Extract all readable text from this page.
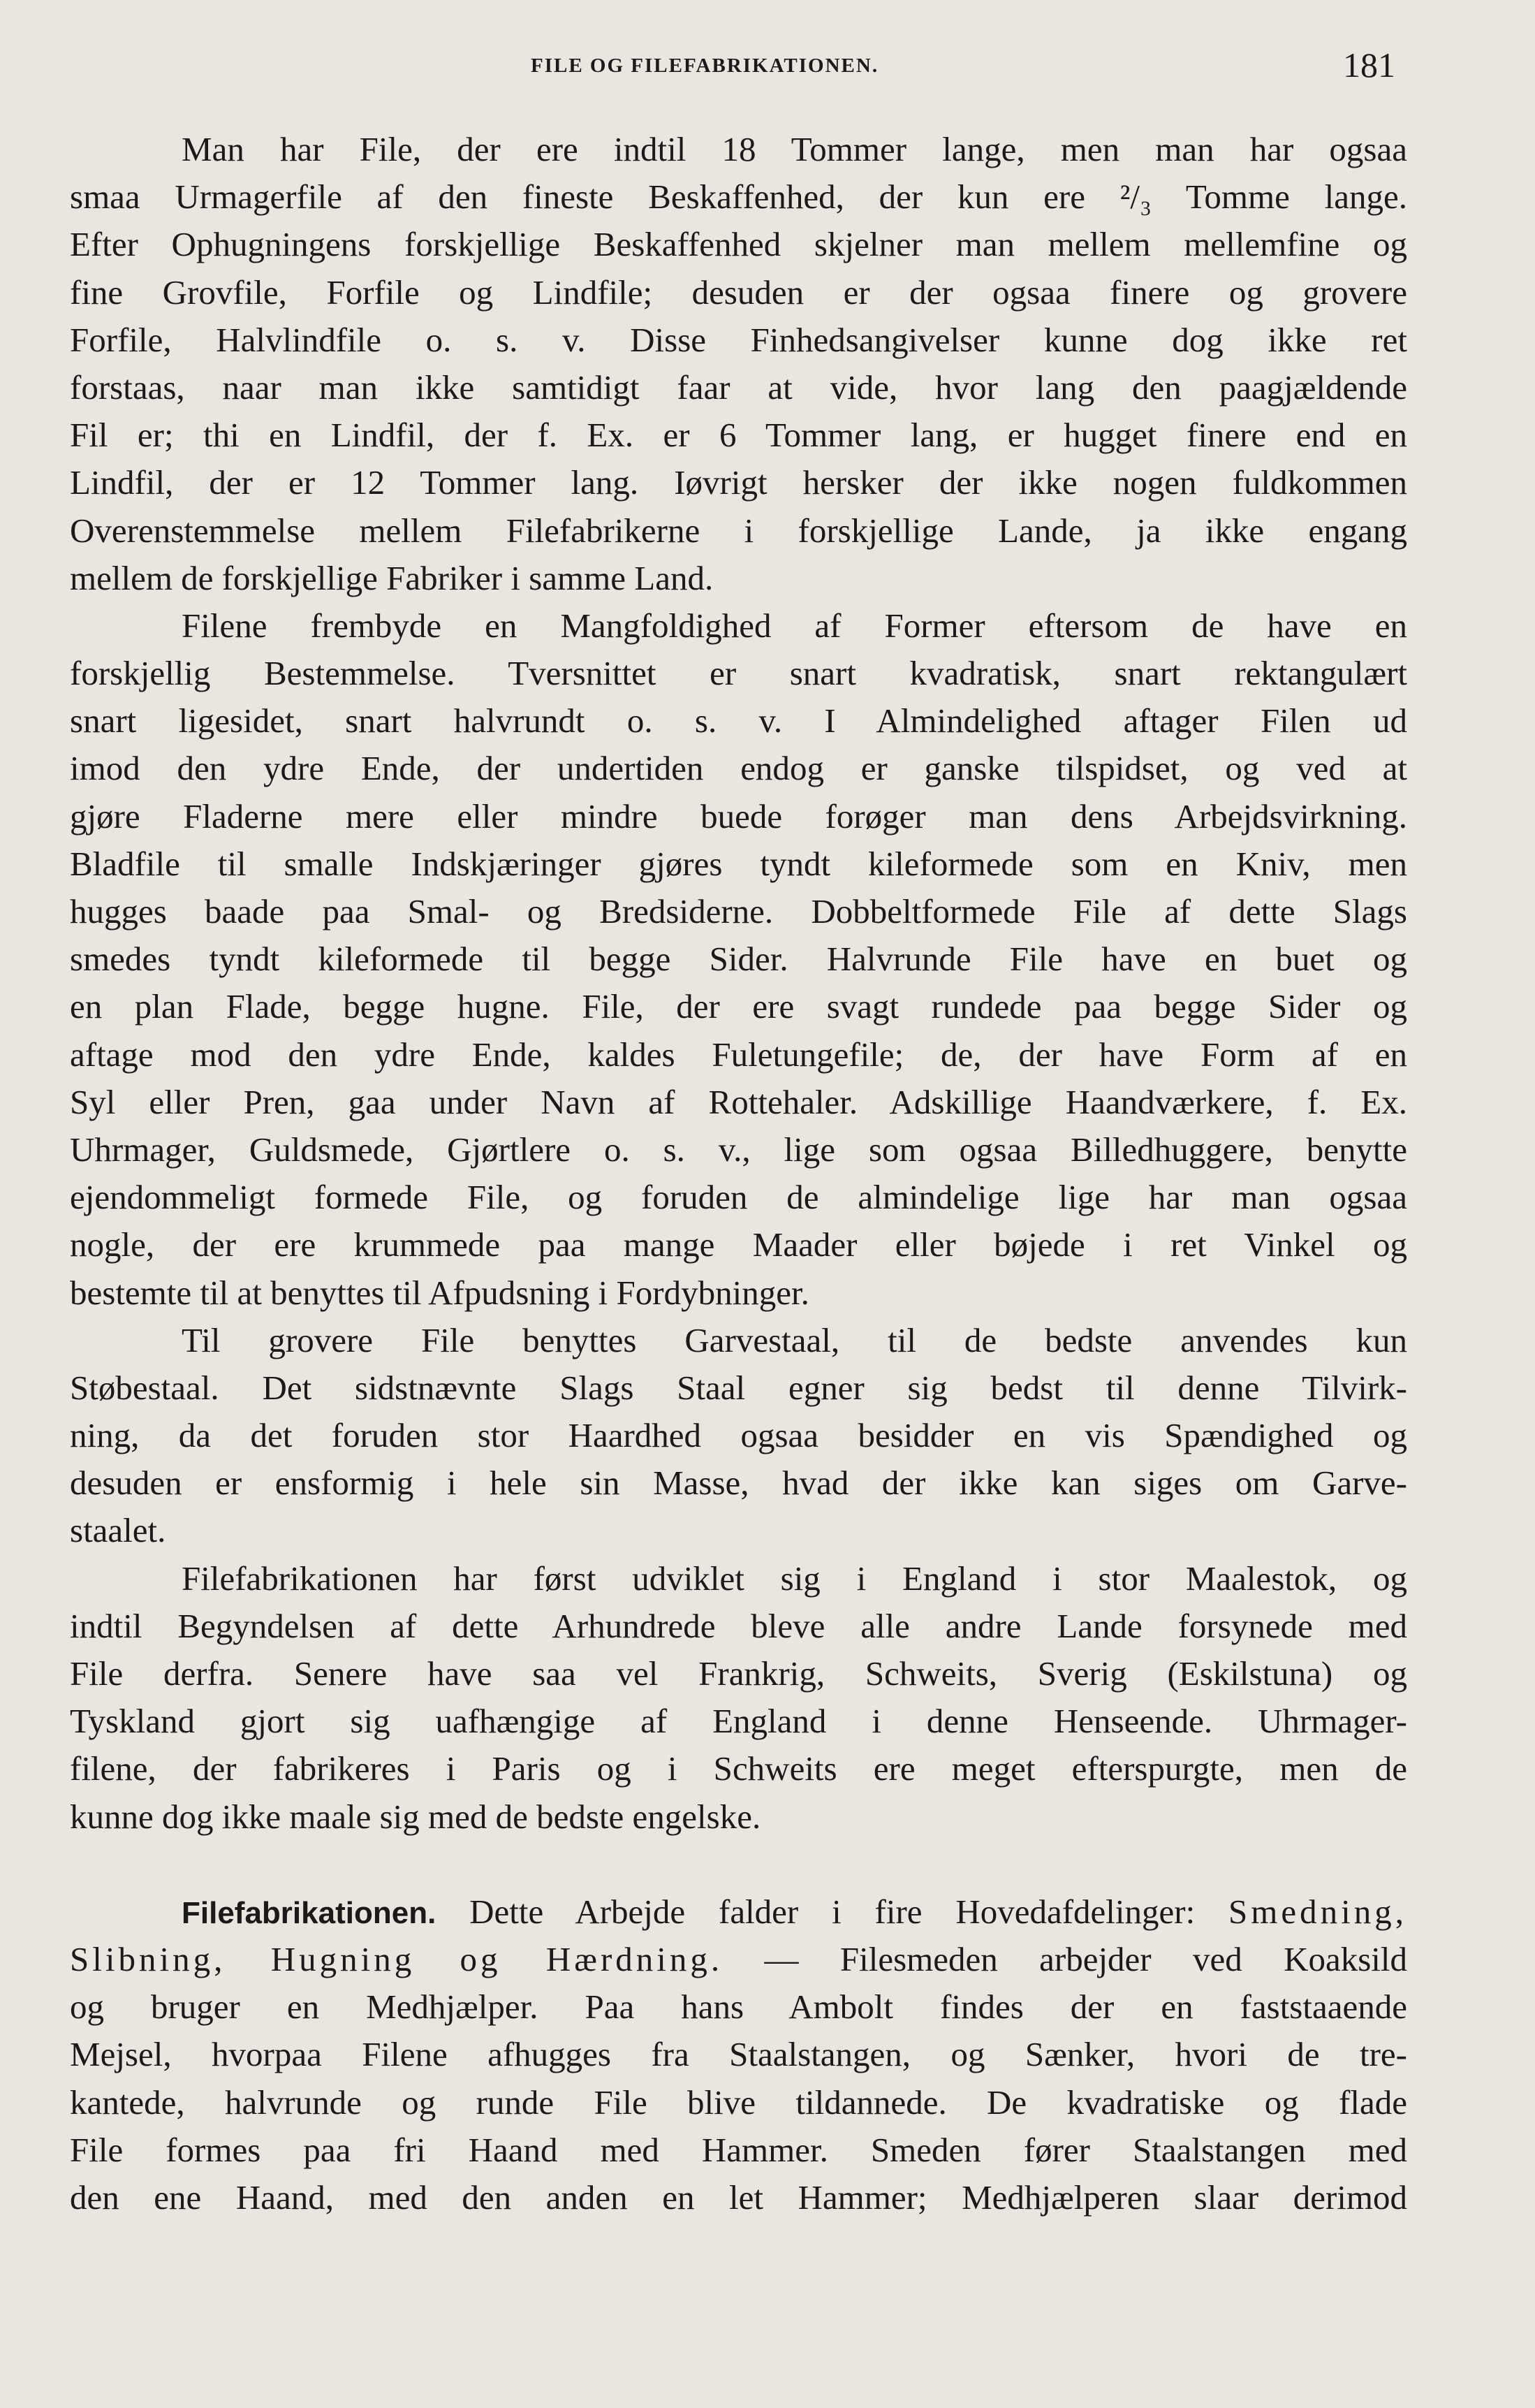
FILE OG FILEFABRIKATIONEN.	181
Man har File, der ere indtil 18 Tommer lange, men man har ogsaa
smaa Urmagerfile af den fineste Beskaffenhed, der kun ere ²/₃ Tomme lange.
Efter Ophugningens forskjellige Beskaffenhed skjelner man mellem mellemfine og
fine Grovfile, Forfile og Lindfile; desuden er der ogsaa finere og grovere
Forfile, Halvlindfile o. s. v. Disse Finhedsangivelser kunne dog ikke ret
forstaas, naar man ikke samtidigt faar at vide, hvor lang den paagjældende
Fil er; thi en Lindfil, der f. Ex. er 6 Tommer lang, er hugget finere end en
Lindfil, der er 12 Tommer lang. Iøvrigt hersker der ikke nogen fuldkommen
Overenstemmelse mellem Filefabrikerne i forskjellige Lande, ja ikke engang
mellem de forskjellige Fabriker i samme Land.
Filene frembyde en Mangfoldighed af Former eftersom de have en
forskjellig Bestemmelse. Tversnittet er snart kvadratisk, snart rektangulært
snart ligesidet, snart halvrundt o. s. v. I Almindelighed aftager Filen ud
imod den ydre Ende, der undertiden endog er ganske tilspidset, og ved at
gjøre Fladerne mere eller mindre buede forøger man dens Arbejdsvirkning.
Bladfile til smalle Indskjæringer gjøres tyndt kileformede som en Kniv, men
hugges baade paa Smal- og Bredsiderne. Dobbeltformede File af dette Slags
smedes tyndt kileformede til begge Sider. Halvrunde File have en buet og
en plan Flade, begge hugne. File, der ere svagt rundede paa begge Sider og
aftage mod den ydre Ende, kaldes Fuletungefile; de, der have Form af en
Syl eller Pren, gaa under Navn af Rottehaler. Adskillige Haandværkere, f. Ex.
Uhrmager, Guldsmede, Gjørtlere o. s. v., lige som ogsaa Billedhuggere, benytte
ejendommeligt formede File, og foruden de almindelige lige har man ogsaa
nogle, der ere krummede paa mange Maader eller bøjede i ret Vinkel og
bestemte til at benyttes til Afpudsning i Fordybninger.
Til grovere File benyttes Garvestaal, til de bedste anvendes kun
Støbestaal. Det sidstnævnte Slags Staal egner sig bedst til denne Tilvirk-
ning, da det foruden stor Haardhed ogsaa besidder en vis Spændighed og
desuden er ensformig i hele sin Masse, hvad der ikke kan siges om Garve-
staalet.
Filefabrikationen har først udviklet sig i England i stor Maalestok, og
indtil Begyndelsen af dette Arhundrede bleve alle andre Lande forsynede med
File derfra. Senere have saa vel Frankrig, Schweits, Sverig (Eskilstuna) og
Tyskland gjort sig uafhængige af England i denne Henseende. Uhrmager-
filene, der fabrikeres i Paris og i Schweits ere meget efterspurgte, men de
kunne dog ikke maale sig med de bedste engelske.
Filefabrikationen. Dette Arbejde falder i fire Hovedafdelinger: Smedning,
Slibning, Hugning og Hærdning. — Filesmeden arbejder ved Koaksild
og bruger en Medhjælper. Paa hans Ambolt findes der en faststaaende
Mejsel, hvorpaa Filene afhugges fra Staalstangen, og Sænker, hvori de tre-
kantede, halvrunde og runde File blive tildannede. De kvadratiske og flade
File formes paa fri Haand med Hammer. Smeden fører Staalstangen med
den ene Haand, med den anden en let Hammer; Medhjælperen slaar derimod
